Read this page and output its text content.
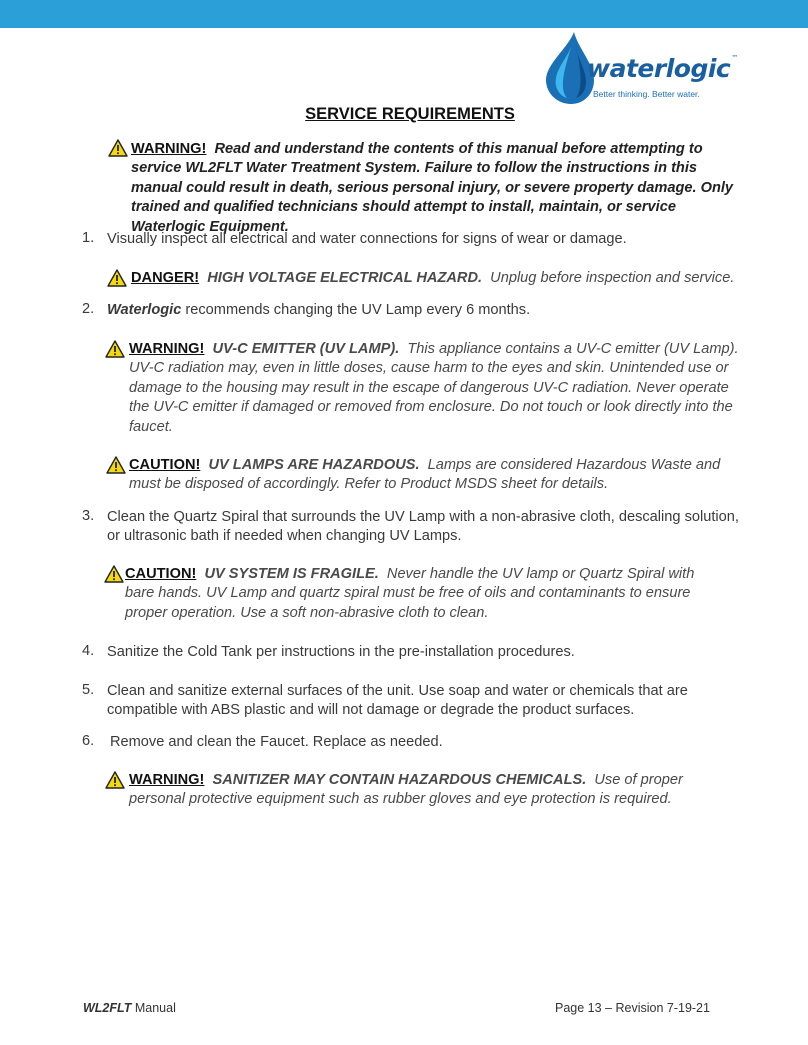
waterlogic™
Better thinking. Better water.
SERVICE REQUIREMENTS
WARNING! Read and understand the contents of this manual before attempting to service WL2FLT Water Treatment System. Failure to follow the instructions in this manual could result in death, serious personal injury, or severe property damage. Only trained and qualified technicians should attempt to install, maintain, or service Waterlogic Equipment.
1. Visually inspect all electrical and water connections for signs of wear or damage.
DANGER! HIGH VOLTAGE ELECTRICAL HAZARD. Unplug before inspection and service.
2. Waterlogic recommends changing the UV Lamp every 6 months.
WARNING! UV-C EMITTER (UV LAMP). This appliance contains a UV-C emitter (UV Lamp). UV-C radiation may, even in little doses, cause harm to the eyes and skin. Unintended use or damage to the housing may result in the escape of dangerous UV-C radiation. Never operate the UV-C emitter if damaged or removed from enclosure. Do not touch or look directly into the faucet.
CAUTION! UV LAMPS ARE HAZARDOUS. Lamps are considered Hazardous Waste and must be disposed of accordingly. Refer to Product MSDS sheet for details.
3. Clean the Quartz Spiral that surrounds the UV Lamp with a non-abrasive cloth, descaling solution, or ultrasonic bath if needed when changing UV Lamps.
CAUTION! UV SYSTEM IS FRAGILE. Never handle the UV lamp or Quartz Spiral with bare hands. UV Lamp and quartz spiral must be free of oils and contaminants to ensure proper operation. Use a soft non-abrasive cloth to clean.
4. Sanitize the Cold Tank per instructions in the pre-installation procedures.
5. Clean and sanitize external surfaces of the unit. Use soap and water or chemicals that are compatible with ABS plastic and will not damage or degrade the product surfaces.
6.	Remove and clean the Faucet. Replace as needed.
WARNING! SANITIZER MAY CONTAIN HAZARDOUS CHEMICALS. Use of proper personal protective equipment such as rubber gloves and eye protection is required.
WL2FLT Manual	Page 13 – Revision 7-19-21
